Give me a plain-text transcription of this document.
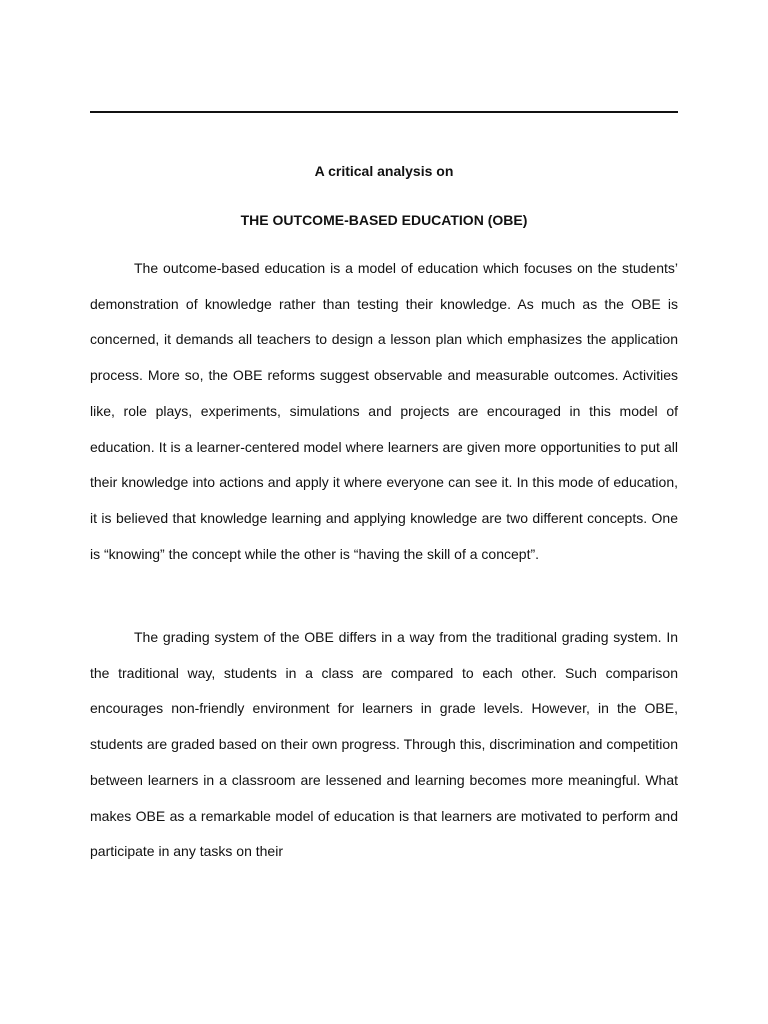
A critical analysis on
THE OUTCOME-BASED EDUCATION (OBE)

The outcome-based education is a model of education which focuses on the students’ demonstration of knowledge rather than testing their knowledge. As much as the OBE is concerned, it demands all teachers to design a lesson plan which emphasizes the application process. More so, the OBE reforms suggest observable and measurable outcomes. Activities like, role plays, experiments, simulations and projects are encouraged in this model of education. It is a learner-centered model where learners are given more opportunities to put all their knowledge into actions and apply it where everyone can see it. In this mode of education, it is believed that knowledge learning and applying knowledge are two different concepts. One is “knowing” the concept while the other is “having the skill of a concept”.

The grading system of the OBE differs in a way from the traditional grading system. In the traditional way, students in a class are compared to each other. Such comparison encourages non-friendly environment for learners in grade levels. However, in the OBE, students are graded based on their own progress. Through this, discrimination and competition between learners in a classroom are lessened and learning becomes more meaningful. What makes OBE as a remarkable model of education is that learners are motivated to perform and participate in any tasks on their
